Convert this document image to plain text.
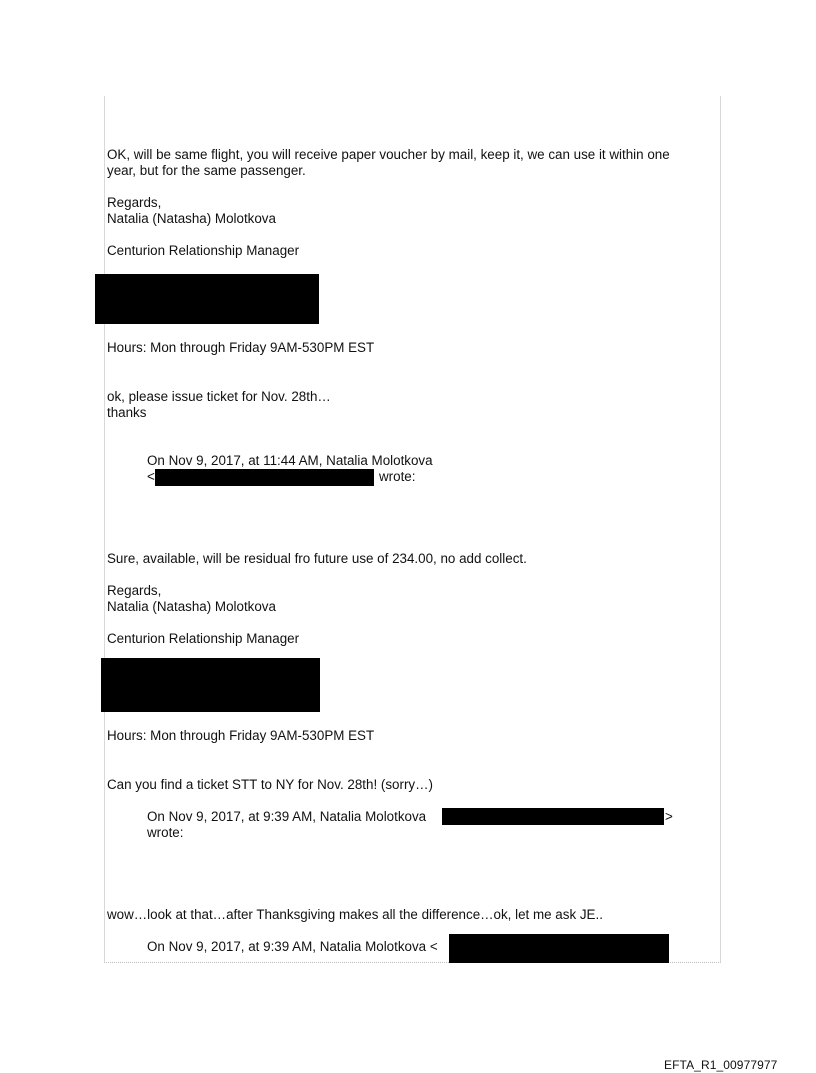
OK, will be same flight, you will receive paper voucher by mail, keep it, we can use it within one
year, but for the same passenger.
Regards,
Natalia (Natasha) Molotkova
Centurion Relationship Manager
Hours: Mon through Friday 9AM-530PM EST
ok, please issue ticket for Nov. 28th…
thanks
On Nov 9, 2017, at 11:44 AM, Natalia Molotkova
<	wrote:
Sure, available, will be residual fro future use of 234.00, no add collect.
Regards,
Natalia (Natasha) Molotkova
Centurion Relationship Manager
Hours: Mon through Friday 9AM-530PM EST
Can you find a ticket STT to NY for Nov. 28th! (sorry…)
On Nov 9, 2017, at 9:39 AM, Natalia Molotkova	>
wrote:
wow…look at that…after Thanksgiving makes all the difference…ok, let me ask JE..
On Nov 9, 2017, at 9:39 AM, Natalia Molotkova <
EFTA_R1_00977977
